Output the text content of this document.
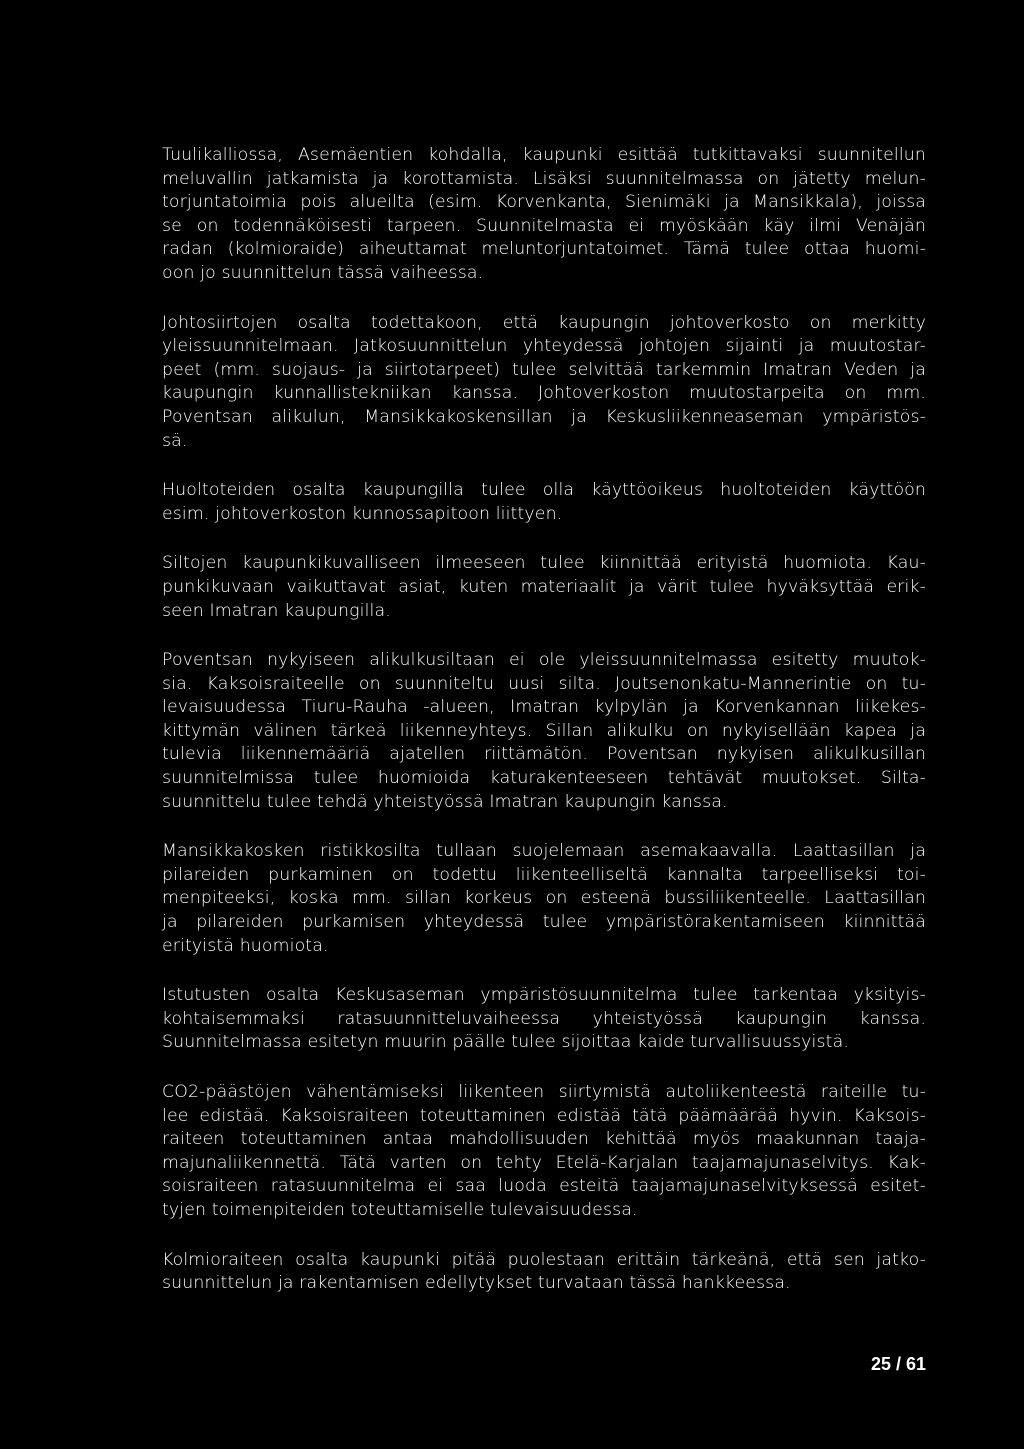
Tuulikalliossa, Asemäentien kohdalla, kaupunki esittää tutkittavaksi suunnitellun
meluvallin jatkamista ja korottamista. Lisäksi suunnitelmassa on jätetty melun-
torjuntatoimia pois alueilta (esim. Korvenkanta, Sienimäki ja Mansikkala), joissa
se on todennäköisesti tarpeen. Suunnitelmasta ei myöskään käy ilmi Venäjän
radan (kolmioraide) aiheuttamat meluntorjuntatoimet. Tämä tulee ottaa huomi-
oon jo suunnittelun tässä vaiheessa.
Johtosiirtojen osalta todettakoon, että kaupungin johtoverkosto on merkitty
yleissuunnitelmaan. Jatkosuunnittelun yhteydessä johtojen sijainti ja muutostar-
peet (mm. suojaus- ja siirtotarpeet) tulee selvittää tarkemmin Imatran Veden ja
kaupungin kunnallistekniikan kanssa. Johtoverkoston muutostarpeita on mm.
Poventsan alikulun, Mansikkakoskensillan ja Keskusliikenneaseman ympäristös-
sä.
Huoltoteiden osalta kaupungilla tulee olla käyttöoikeus huoltoteiden käyttöön
esim. johtoverkoston kunnossapitoon liittyen.
Siltojen kaupunkikuvalliseen ilmeeseen tulee kiinnittää erityistä huomiota. Kau-
punkikuvaan vaikuttavat asiat, kuten materiaalit ja värit tulee hyväksyttää erik-
seen Imatran kaupungilla.
Poventsan nykyiseen alikulkusiltaan ei ole yleissuunnitelmassa esitetty muutok-
sia. Kaksoisraiteelle on suunniteltu uusi silta. Joutsenonkatu-Mannerintie on tu-
levaisuudessa Tiuru-Rauha -alueen, Imatran kylpylän ja Korvenkannan liikekes-
kittymän välinen tärkeä liikenneyhteys. Sillan alikulku on nykyisellään kapea ja
tulevia liikennemääriä ajatellen riittämätön. Poventsan nykyisen alikulkusillan
suunnitelmissa tulee huomioida katurakenteeseen tehtävät muutokset. Silta-
suunnittelu tulee tehdä yhteistyössä Imatran kaupungin kanssa.
Mansikkakosken ristikkosilta tullaan suojelemaan asemakaavalla. Laattasillan ja
pilareiden purkaminen on todettu liikenteelliseltä kannalta tarpeelliseksi toi-
menpiteeksi, koska mm. sillan korkeus on esteenä bussiliikenteelle. Laattasillan
ja pilareiden purkamisen yhteydessä tulee ympäristörakentamiseen kiinnittää
erityistä huomiota.
Istutusten osalta Keskusaseman ympäristösuunnitelma tulee tarkentaa yksityis-
kohtaisemmaksi ratasuunnitteluvaiheessa yhteistyössä kaupungin kanssa.
Suunnitelmassa esitetyn muurin päälle tulee sijoittaa kaide turvallisuussyistä.
CO2-päästöjen vähentämiseksi liikenteen siirtymistä autoliikenteestä raiteille tu-
lee edistää. Kaksoisraiteen toteuttaminen edistää tätä päämäärää hyvin. Kaksois-
raiteen toteuttaminen antaa mahdollisuuden kehittää myös maakunnan taaja-
majunaliikennettä. Tätä varten on tehty Etelä-Karjalan taajamajunaselvitys. Kak-
soisraiteen ratasuunnitelma ei saa luoda esteitä taajamajunaselvityksessä esitet-
tyjen toimenpiteiden toteuttamiselle tulevaisuudessa.
Kolmioraiteen osalta kaupunki pitää puolestaan erittäin tärkeänä, että sen jatko-
suunnittelun ja rakentamisen edellytykset turvataan tässä hankkeessa.
25 / 61
